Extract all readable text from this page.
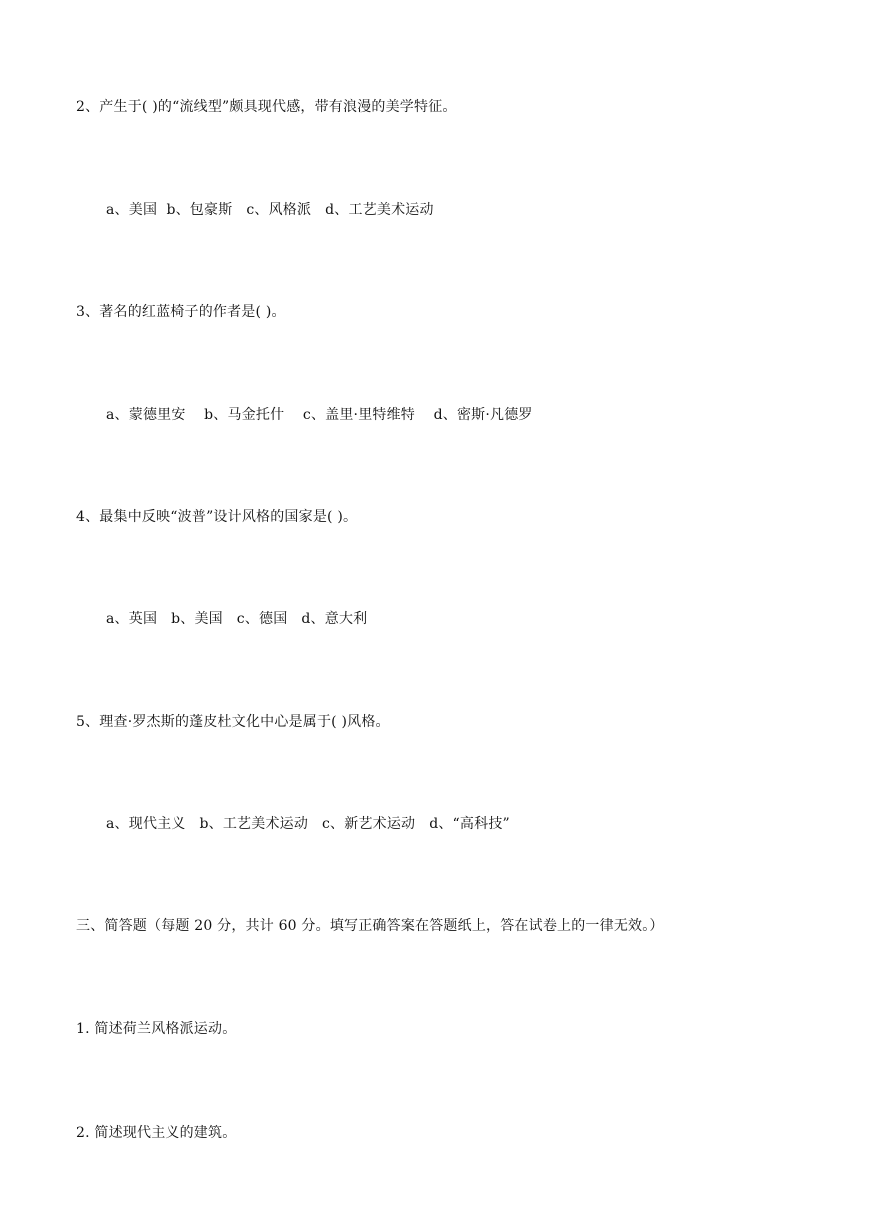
2、产生于( )的“流线型”颇具现代感，带有浪漫的美学特征。
a、美国  b、包豪斯   c、风格派   d、工艺美术运动
3、著名的红蓝椅子的作者是( )。
a、蒙德里安    b、马金托什    c、盖里·里特维特    d、密斯·凡德罗
4、最集中反映“波普”设计风格的国家是( )。
a、英国   b、美国   c、德国   d、意大利
5、理查·罗杰斯的蓬皮杜文化中心是属于( )风格。
a、现代主义   b、工艺美术运动   c、新艺术运动   d、“高科技”
三、简答题（每题 20 分，共计 60 分。填写正确答案在答题纸上，答在试卷上的一律无效。）
1. 简述荷兰风格派运动。
2. 简述现代主义的建筑。
